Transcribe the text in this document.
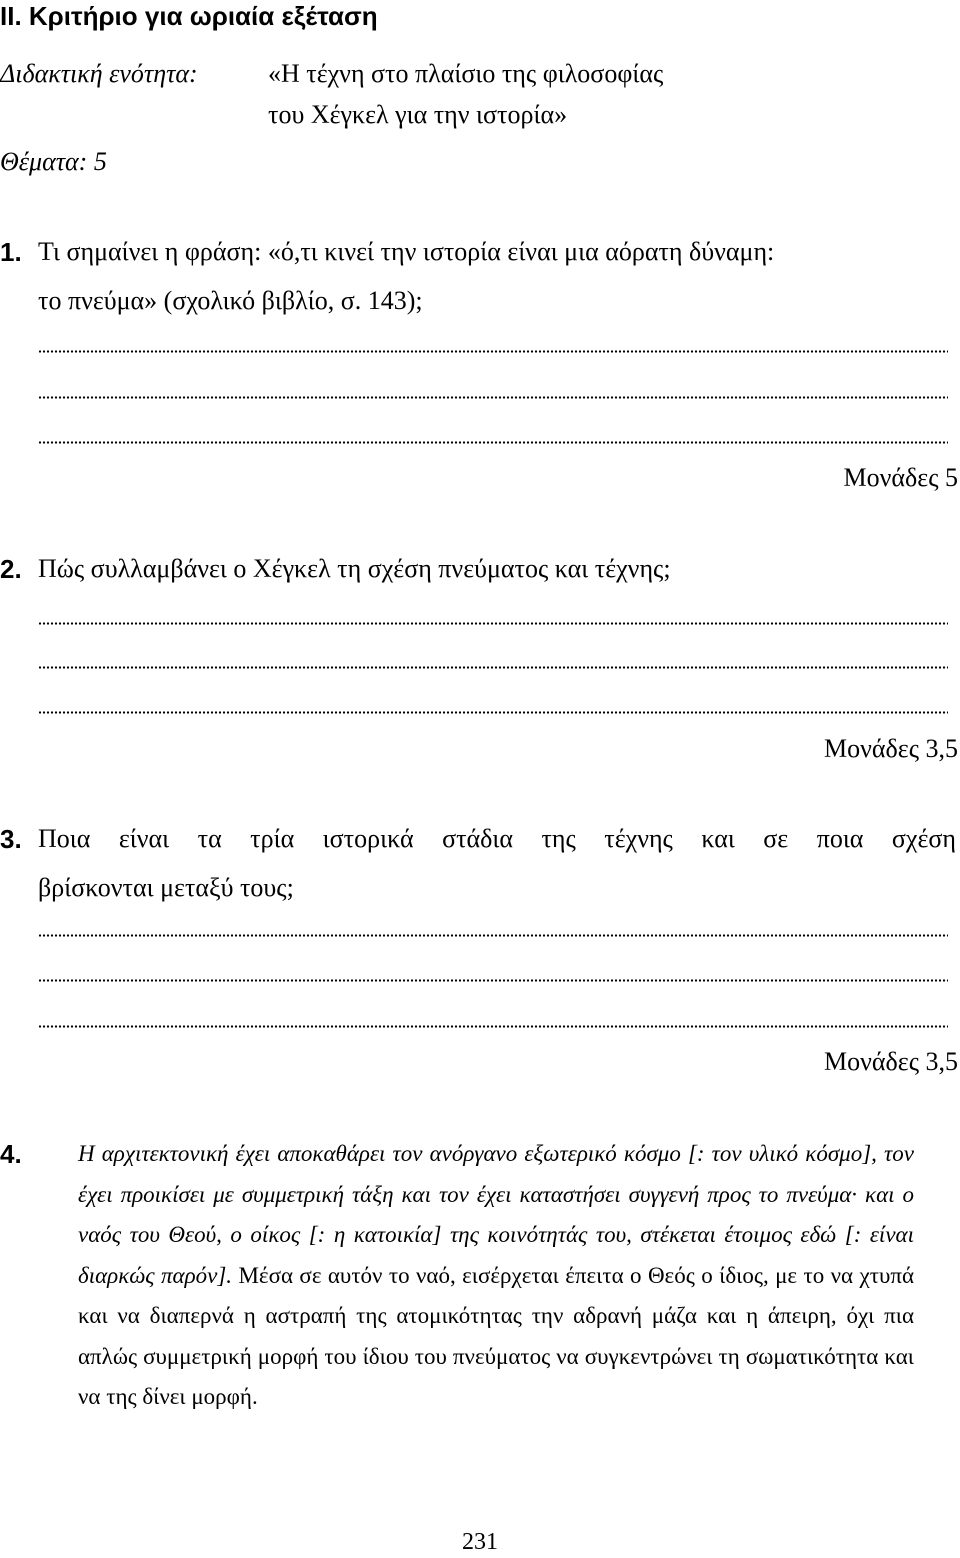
II. Κριτήριο για ωριαία εξέταση
Διδακτική ενότητα:	«Η τέχνη στο πλαίσιο της φιλοσοφίας
του Χέγκελ για την ιστορία»
Θέματα: 5
1. Τι σημαίνει η φράση: «ό,τι κινεί την ιστορία είναι μια αόρατη δύναμη:
το πνεύμα» (σχολικό βιβλίο, σ. 143);
Μονάδες 5
2. Πώς συλλαμβάνει ο Χέγκελ τη σχέση πνεύματος και τέχνης;
Μονάδες 3,5
3. Ποια είναι τα τρία ιστορικά στάδια της τέχνης και σε ποια σχέση
βρίσκονται μεταξύ τους;
Μονάδες 3,5
4. Η αρχιτεκτονική έχει αποκαθάρει τον ανόργανο εξωτερικό κόσμο [: τον υλικό κόσμο], τον έχει προικίσει με συμμετρική τάξη και τον έχει καταστήσει συγγενή προς το πνεύμα· και ο ναός του Θεού, ο οίκος [: η κατοικία] της κοινότητάς του, στέκεται έτοιμος εδώ [: είναι διαρκώς παρόν]. Μέσα σε αυτόν το ναό, εισέρχεται έπειτα ο Θεός ο ίδιος, με το να χτυπά και να διαπερνά η αστραπή της ατομικότητας την αδρανή μάζα και η άπειρη, όχι πια απλώς συμμετρική μορφή του ίδιου του πνεύματος να συγκεντρώνει τη σωματικότητα και να της δίνει μορφή.
231
